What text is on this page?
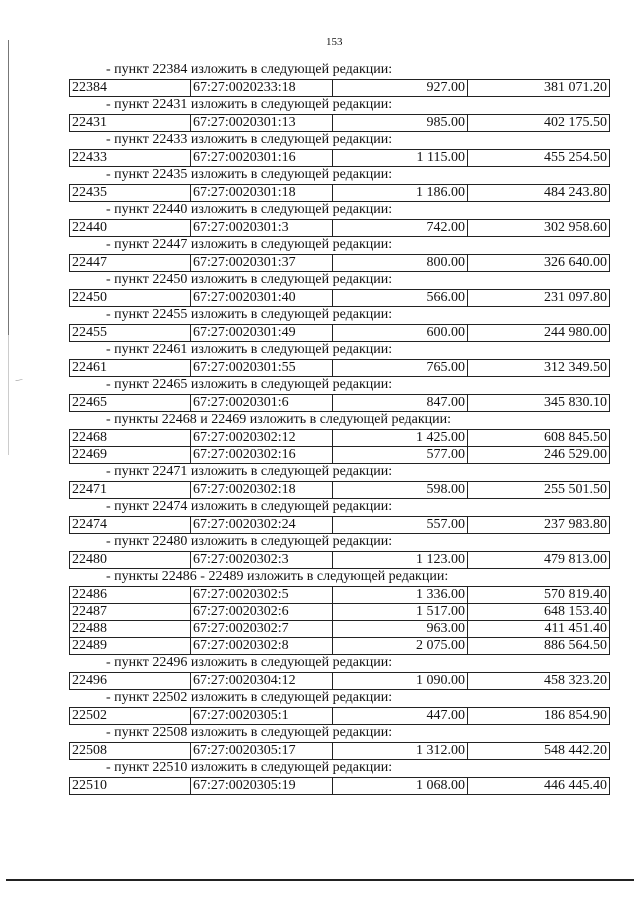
/
153
- пункт 22384 изложить в следующей редакции:
22384	67:27:0020233:18	927.00	381 071.20
- пункт 22431 изложить в следующей редакции:
22431	67:27:0020301:13	985.00	402 175.50
- пункт 22433 изложить в следующей редакции:
22433	67:27:0020301:16	1 115.00	455 254.50
- пункт 22435 изложить в следующей редакции:
22435	67:27:0020301:18	1 186.00	484 243.80
- пункт 22440 изложить в следующей редакции:
22440	67:27:0020301:3	742.00	302 958.60
- пункт 22447 изложить в следующей редакции:
22447	67:27:0020301:37	800.00	326 640.00
- пункт 22450 изложить в следующей редакции:
22450	67:27:0020301:40	566.00	231 097.80
- пункт 22455 изложить в следующей редакции:
22455	67:27:0020301:49	600.00	244 980.00
- пункт 22461 изложить в следующей редакции:
22461	67:27:0020301:55	765.00	312 349.50
- пункт 22465 изложить в следующей редакции:
22465	67:27:0020301:6	847.00	345 830.10
- пункты 22468 и 22469 изложить в следующей редакции:
22468	67:27:0020302:12	1 425.00	608 845.50
22469	67:27:0020302:16	577.00	246 529.00
- пункт 22471 изложить в следующей редакции:
22471	67:27:0020302:18	598.00	255 501.50
- пункт 22474 изложить в следующей редакции:
22474	67:27:0020302:24	557.00	237 983.80
- пункт 22480 изложить в следующей редакции:
22480	67:27:0020302:3	1 123.00	479 813.00
- пункты 22486 - 22489 изложить в следующей редакции:
22486	67:27:0020302:5	1 336.00	570 819.40
22487	67:27:0020302:6	1 517.00	648 153.40
22488	67:27:0020302:7	963.00	411 451.40
22489	67:27:0020302:8	2 075.00	886 564.50
- пункт 22496 изложить в следующей редакции:
22496	67:27:0020304:12	1 090.00	458 323.20
- пункт 22502 изложить в следующей редакции:
22502	67:27:0020305:1	447.00	186 854.90
- пункт 22508 изложить в следующей редакции:
22508	67:27:0020305:17	1 312.00	548 442.20
- пункт 22510 изложить в следующей редакции:
22510	67:27:0020305:19	1 068.00	446 445.40
